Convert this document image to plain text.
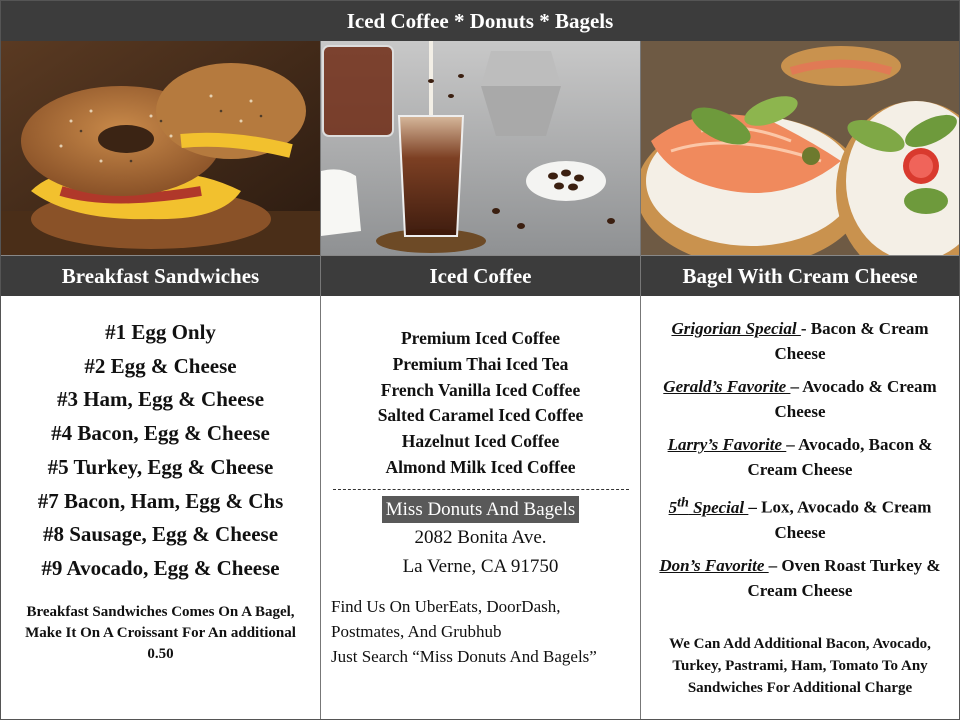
Iced Coffee * Donuts * Bagels
Breakfast Sandwiches	Iced Coffee	Bagel With Cream Cheese
#1 Egg Only
#2 Egg & Cheese
#3 Ham, Egg & Cheese
#4 Bacon, Egg & Cheese
#5 Turkey, Egg & Cheese
#7 Bacon, Ham, Egg & Chs
#8 Sausage, Egg & Cheese
#9 Avocado, Egg & Cheese
Breakfast Sandwiches Comes On A Bagel, Make It On A Croissant For An additional 0.50
Premium Iced Coffee
Premium Thai Iced Tea
French Vanilla Iced Coffee
Salted Caramel Iced Coffee
Hazelnut Iced Coffee
Almond Milk Iced Coffee
Miss Donuts And Bagels
2082 Bonita Ave.
La Verne, CA 91750
Find Us On UberEats, DoorDash, Postmates, And Grubhub
Just Search “Miss Donuts And Bagels”
Grigorian Special - Bacon & Cream Cheese
Gerald’s Favorite – Avocado & Cream Cheese
Larry’s Favorite – Avocado, Bacon & Cream Cheese
5th Special – Lox, Avocado & Cream Cheese
Don’s Favorite – Oven Roast Turkey & Cream Cheese
We Can Add Additional Bacon, Avocado, Turkey, Pastrami, Ham, Tomato To Any Sandwiches For Additional Charge
